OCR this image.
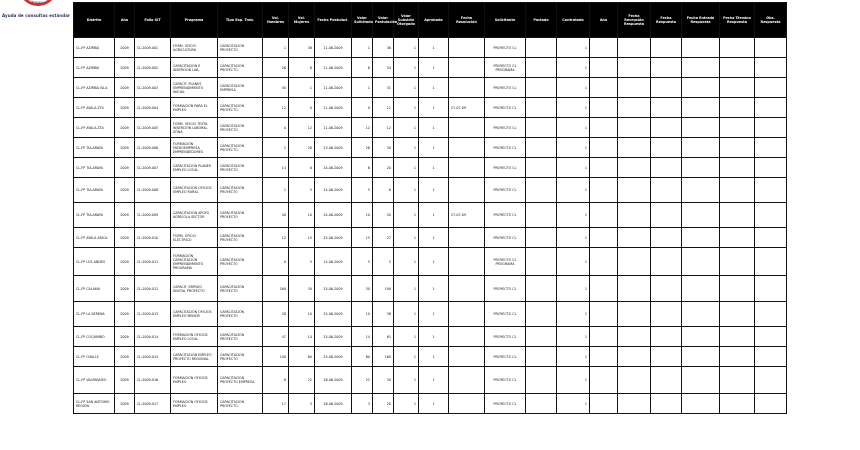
Trabajo
Ayuda de consultas estándar
Distrito	Año	Folio SIT	Programa	Tipo Esp. Trab.	Vol. Hombres	Vol. Mujeres	Fecha Postulaci.	Valor Solicitado	Valor Postulación	Valor Subsidio Otorgado	Aprobado	Fecha Resolución	Solicitante	Pactado	Contratado	Año	Fecha Recepción Respuesta	Fecha Respuesta	Fecha Entrada Respuesta	Fecha Término Respuesta	Obs. Respuesta
CL-FP AZIMBA	2009	CL-2009-001	FORM. OFICIO AGRICULTURA	CAPACITACIÓN PROYECTO	1	36	21-06-2009	1	36	1	1		PROYECTO CL		1						
CL-FP AZIMBA	2009	CL-2009-002	CAPACITACIÓN E INSERCIÓN LAB.	CAPACITACIÓN PROYECTO	26	8	21-06-2009	8	34	1	1		PROYECTO CL PROGRAMA		1						
CL-FP AZIMBA ISLA	2009	CL-2009-003	CAPACIT. PLANES EMPRENDIMIENTO INICIAL	CAPACITACIÓN EMPRESA	30	1	21-06-2009	1	31	1	1		PROYECTO CL		1						
CL-FP AYALA-ZTA	2009	CL-2009-004	FORMACIÓN PARA EL EMPLEO	CAPACITACIÓN PROYECTO	12	0	21-06-2009	0	12	1	1	27-07-09	PROYECTO CL		1						
CL-FP AYALA-ZTA	2009	CL-2009-005	FORM. OFICIO TEXTIL INSERCIÓN LABORAL ZONA	CAPACITACIÓN PROYECTO	0	12	21-06-2009	12	12	1	1		PROYECTO CL		1						
CL-FP TIA-ARAYA	2009	CL-2009-006	FORMACIÓN MICROEMPRESA EMPRENDEDORES	CAPACITACIÓN PROYECTO	2	28	23-06-2009	28	30	1	1		PROYECTO CL		1						
CL-FP TIA-ARAYA	2009	CL-2009-007	CAPACITACIÓN PLANES EMPLEO LOCAL	CAPACITACIÓN PROYECTO	14	6	24-06-2009	6	20	1	1		PROYECTO CL		1						
CL-FP TIA-ARAYA	2009	CL-2009-008	CAPACITACIÓN OFICIOS EMPLEO RURAL	CAPACITACIÓN PROYECTO	1	5	24-06-2009	5	6	1	1		PROYECTO CL		1						
CL-FP TIA-ARAYA	2009	CL-2009-009	CAPACITACIÓN APOYO AGRÍCOLA SECTOR	CAPACITACIÓN PROYECTO	40	10	24-06-2009	10	50	1	1	27-07-09	PROYECTO CL		1						
CL-FP AYALA ARICA	2009	CL-2009-010	FORM. OFICIO ELÉCTRICO	CAPACITACIÓN PROYECTO	12	15	25-06-2009	15	27	1	1		PROYECTO CL		1						
CL-FP LOS ANDES	2009	CL-2009-011	FORMACIÓN CAPACITACIÓN EMPRENDIMIENTO PROGRAMA	CAPACITACIÓN PROYECTO	0	5	15-06-2009	5	5	1	1		PROYECTO CL PROGRAMA		1						
CL-FP CALAMA	2009	CL-2009-012	CAPACIT. EMPLEO DIGITAL PROYECTO	CAPACITACIÓN PROYECTO	160	30	25-06-2009	30	190	1	1		PROYECTO CL		1						
CL-FP LA SERENA	2009	CL-2009-013	CAPACITACIÓN OFICIOS EMPLEO MENOR	CAPACITACIÓN PROYECTO	28	10	25-06-2009	10	38	1	1		PROYECTO CL		1						
CL-FP COQUIMBO	2009	CL-2009-014	FORMACIÓN OFICIOS EMPLEO LOCAL	CAPACITACIÓN PROYECTO	47	14	25-06-2009	14	61	1	1		PROYECTO CL		1						
CL-FP OVALLE	2009	CL-2009-015	CAPACITACIÓN EMPLEO PROYECTO REGIONAL	CAPACITACIÓN PROYECTO	100	60	25-06-2009	60	160	1	1		PROYECTO CL		1						
CL-FP VALPARAÍSO	2009	CL-2009-016	FORMACIÓN OFICIOS EMPLEO	CAPACITACIÓN PROYECTO EMPRESA	8	22	26-06-2009	22	30	1	1		PROYECTO CL		1						
CL-FP SAN ANTONIO REGIÓN	2009	CL-2009-017	FORMACIÓN OFICIOS EMPLEO	CAPACITACIÓN PROYECTO	17	3	26-06-2009	3	20	1	1		PROYECTO CL		1						
